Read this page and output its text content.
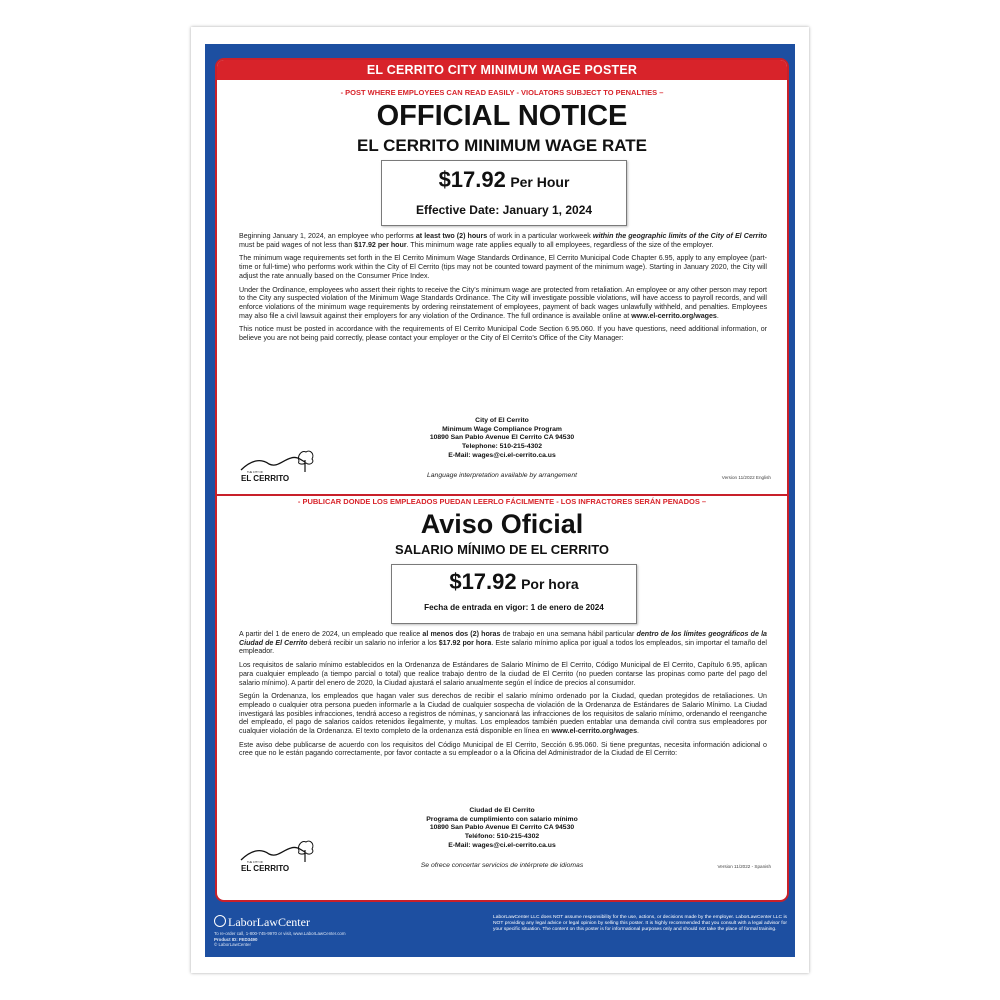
EL CERRITO CITY MINIMUM WAGE POSTER
- POST WHERE EMPLOYEES CAN READ EASILY - VIOLATORS SUBJECT TO PENALTIES –
OFFICIAL NOTICE
EL CERRITO MINIMUM WAGE RATE
$17.92 Per Hour
Effective Date: January 1, 2024

Beginning January 1, 2024, an employee who performs at least two (2) hours of work in a particular workweek within the geographic limits of the City of El Cerrito must be paid wages of not less than $17.92 per hour. This minimum wage rate applies equally to all employees, regardless of the size of the employer.

The minimum wage requirements set forth in the El Cerrito Minimum Wage Standards Ordinance, El Cerrito Municipal Code Chapter 6.95, apply to any employee (part-time or full-time) who performs work within the City of El Cerrito (tips may not be counted toward payment of the minimum wage). Starting in January 2020, the City will adjust the rate annually based on the Consumer Price Index.

Under the Ordinance, employees who assert their rights to receive the City’s minimum wage are protected from retaliation. An employee or any other person may report to the City any suspected violation of the Minimum Wage Standards Ordinance. The City will investigate possible violations, will have access to payroll records, and will enforce violations of the minimum wage requirements by ordering reinstatement of employees, payment of back wages unlawfully withheld, and penalties. Employees may also file a civil lawsuit against their employers for any violation of the Ordinance. The full ordinance is available online at www.el-cerrito.org/wages.

This notice must be posted in accordance with the requirements of El Cerrito Municipal Code Section 6.95.060. If you have questions, need additional information, or believe you are not being paid correctly, please contact your employer or the City of El Cerrito’s Office of the City Manager:

City of El Cerrito
Minimum Wage Compliance Program
10890 San Pablo Avenue El Cerrito CA 94530
Telephone: 510-215-4302
E-Mail: wages@ci.el-cerrito.ca.us
Language interpretation available by arrangement	Version 11/2022 English
THE CITY OF
EL CERRITO
- PUBLICAR DONDE LOS EMPLEADOS PUEDAN LEERLO FÁCILMENTE - LOS INFRACTORES SERÁN PENADOS –
Aviso Oficial
SALARIO MÍNIMO DE EL CERRITO
$17.92 Por hora
Fecha de entrada en vigor: 1 de enero de 2024

A partir del 1 de enero de 2024, un empleado que realice al menos dos (2) horas de trabajo en una semana hábil particular dentro de los límites geográficos de la Ciudad de El Cerrito deberá recibir un salario no inferior a los $17.92 por hora. Este salario mínimo aplica por igual a todos los empleados, sin importar el tamaño del empleador.

Los requisitos de salario mínimo establecidos en la Ordenanza de Estándares de Salario Mínimo de El Cerrito, Código Municipal de El Cerrito, Capítulo 6.95, aplican para cualquier empleado (a tiempo parcial o total) que realice trabajo dentro de la ciudad de El Cerrito (no pueden contarse las propinas como parte del pago del salario mínimo). A partir del enero de 2020, la Ciudad ajustará el salario anualmente según el índice de precios al consumidor.

Según la Ordenanza, los empleados que hagan valer sus derechos de recibir el salario mínimo ordenado por la Ciudad, quedan protegidos de retaliaciones. Un empleado o cualquier otra persona pueden informarle a la Ciudad de cualquier sospecha de violación de la Ordenanza de Estándares de Salario Mínimo. La Ciudad investigará las posibles infracciones, tendrá acceso a registros de nóminas, y sancionará las infracciones de los requisitos de salario mínimo, ordenando el reenganche del empleado, el pago de salarios caídos retenidos ilegalmente, y multas. Los empleados también pueden entablar una demanda civil contra sus empleadores por cualquier violación de la Ordenanza. El texto completo de la ordenanza está disponible en línea en www.el-cerrito.org/wages.

Este aviso debe publicarse de acuerdo con los requisitos del Código Municipal de El Cerrito, Sección 6.95.060. Si tiene preguntas, necesita información adicional o cree que no le están pagando correctamente, por favor contacte a su empleador o a la Oficina del Administrador de la Ciudad de El Cerrito:

Ciudad de El Cerrito
Programa de cumplimiento con salario mínimo
10890 San Pablo Avenue El Cerrito CA 94530
Teléfono: 510-215-4302
E-Mail: wages@ci.el-cerrito.ca.us
Se ofrece concertar servicios de intérprete de idiomas	Version 11/2022 - Spanish
THE CITY OF
EL CERRITO
LaborLawCenter
To re-order call, 1-800-745-9970 or visit, www.LaborLawCenter.com
Product ID: FED3490
© LaborLawCenter
LaborLawCenter LLC does NOT assume responsibility for the use, actions, or decisions made by the employer. LaborLawCenter LLC is NOT providing any legal advice or legal opinion by selling this poster. It is highly recommended that you consult with a legal advisor for your specific situation. The content on this poster is for informational purposes only and should not take the place of formal training.
